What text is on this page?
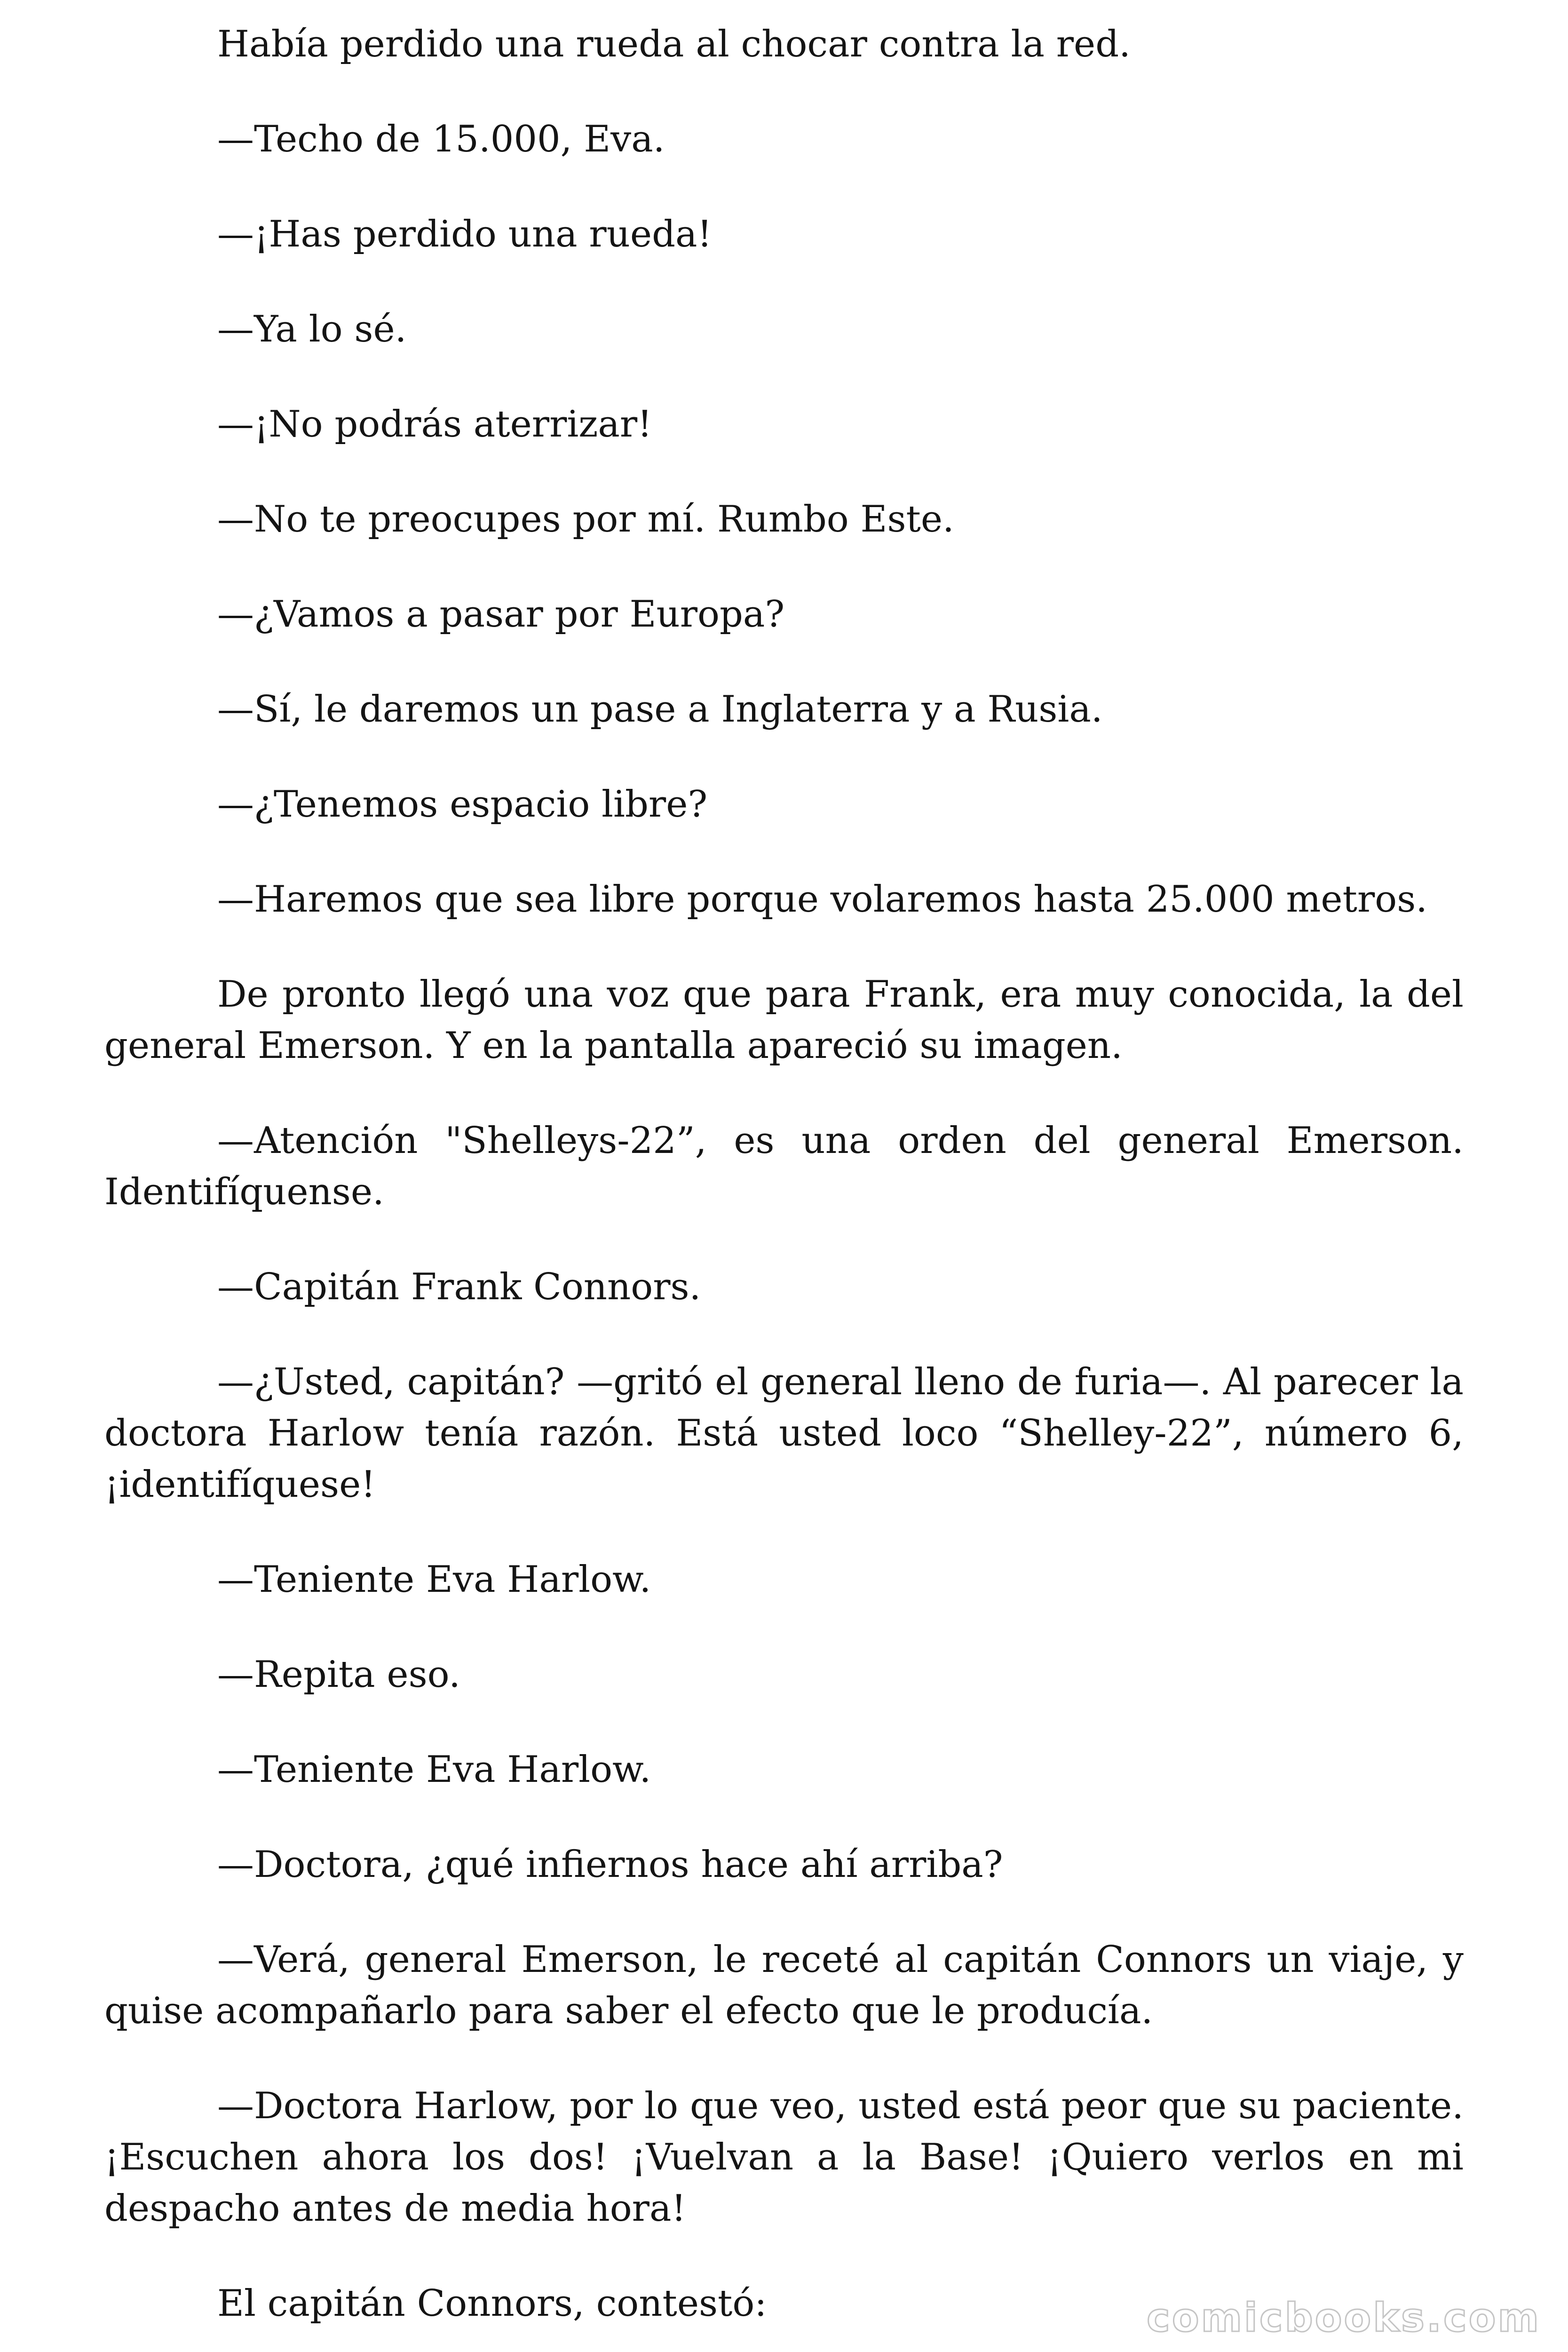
Había perdido una rueda al chocar contra la red.

—Techo de 15.000, Eva.

—¡Has perdido una rueda!

—Ya lo sé.

—¡No podrás aterrizar!

—No te preocupes por mí. Rumbo Este.

—¿Vamos a pasar por Europa?

—Sí, le daremos un pase a Inglaterra y a Rusia.

—¿Tenemos espacio libre?

—Haremos que sea libre porque volaremos hasta 25.000 metros.

De pronto llegó una voz que para Frank, era muy conocida, la del general Emerson. Y en la pantalla apareció su imagen.

—Atención "Shelleys-22”, es una orden del general Emerson. Identifíquense.

—Capitán Frank Connors.

—¿Usted, capitán? —gritó el general lleno de furia—. Al parecer la doctora Harlow tenía razón. Está usted loco “Shelley-22”, número 6, ¡identifíquese!

—Teniente Eva Harlow.

—Repita eso.

—Teniente Eva Harlow.

—Doctora, ¿qué infiernos hace ahí arriba?

—Verá, general Emerson, le receté al capitán Connors un viaje, y quise acompañarlo para saber el efecto que le producía.

—Doctora Harlow, por lo que veo, usted está peor que su paciente. ¡Escuchen ahora los dos! ¡Vuelvan a la Base! ¡Quiero verlos en mi despacho antes de media hora!

El capitán Connors, contestó:	comicbooks.com
